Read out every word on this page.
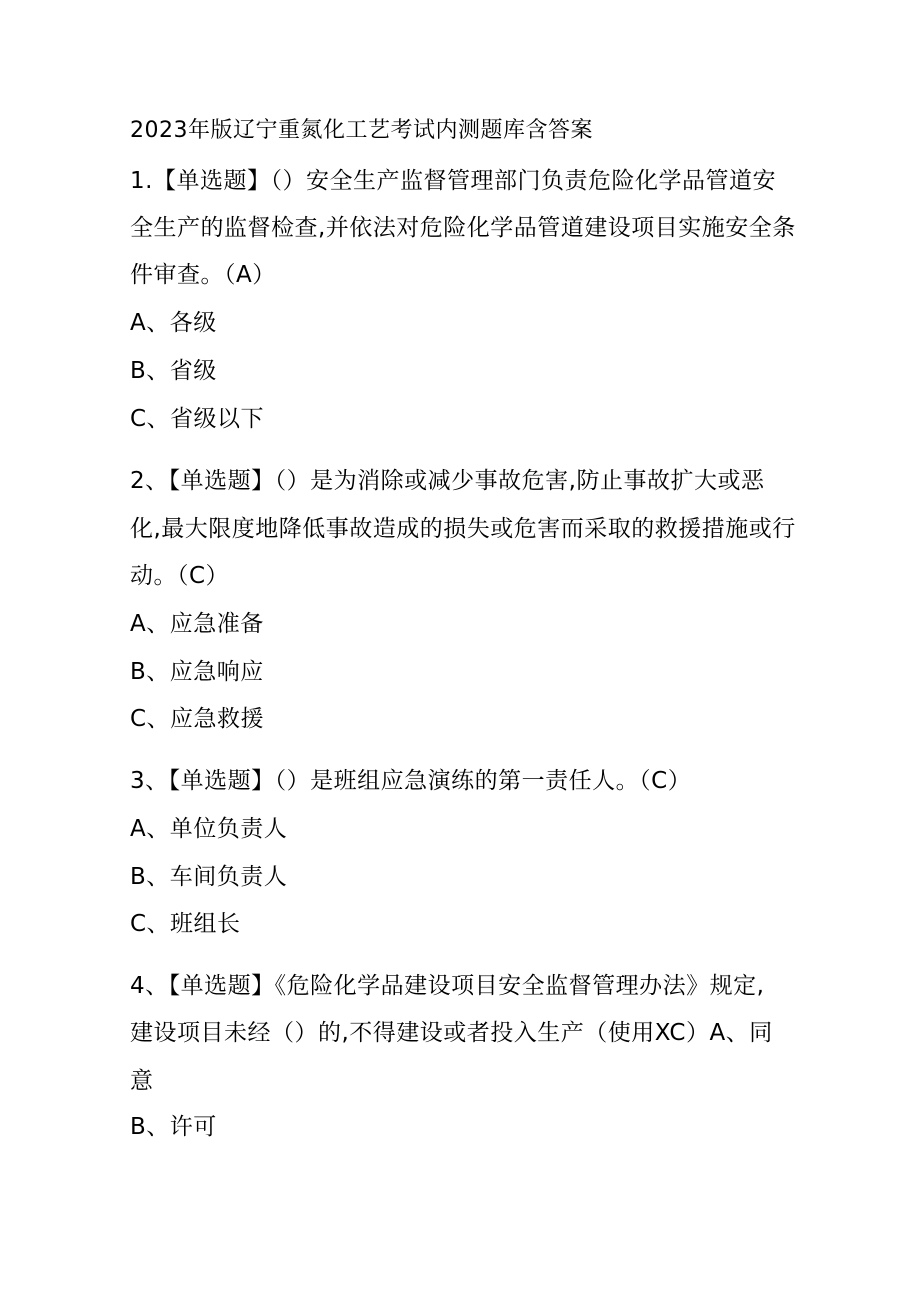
2023年版辽宁重氮化工艺考试内测题库含答案
1.【单选题】（）安全生产监督管理部门负责危险化学品管道安
全生产的监督检查,并依法对危险化学品管道建设项目实施安全条
件审查。（A）
A、各级
B、省级
C、省级以下
2、【单选题】（）是为消除或减少事故危害,防止事故扩大或恶
化,最大限度地降低事故造成的损失或危害而采取的救援措施或行
动。（C）
A、应急准备
B、应急响应
C、应急救援
3、【单选题】（）是班组应急演练的第一责任人。（C）
A、单位负责人
B、车间负责人
C、班组长
4、【单选题】《危险化学品建设项目安全监督管理办法》规定,
建设项目未经（）的,不得建设或者投入生产（使用XC）A、同
意
B、许可
